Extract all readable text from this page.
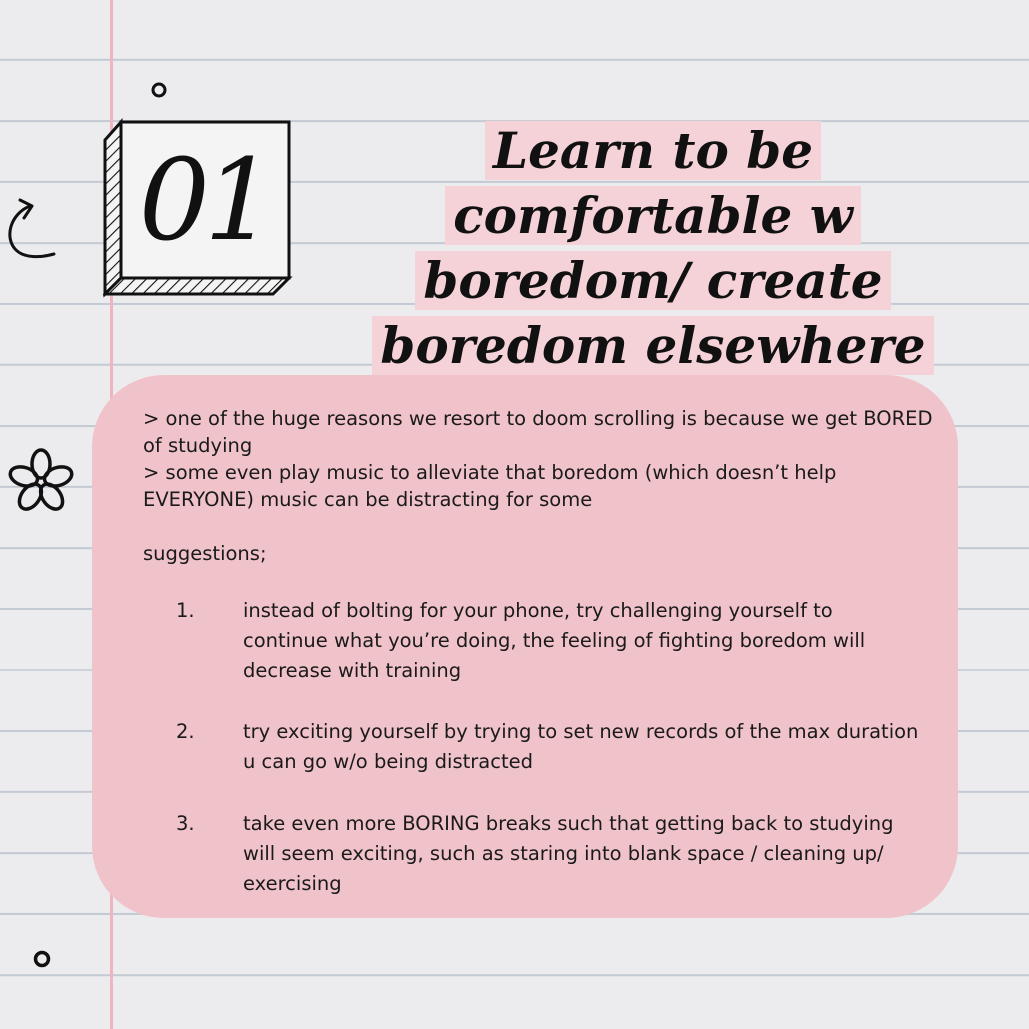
01	Learn to be comfortable w boredom/ create boredom elsewhere

> one of the huge reasons we resort to doom scrolling is because we get BORED of studying

> some even play music to alleviate that boredom (which doesn’t help EVERYONE) music can be distracting for some

suggestions;

1. instead of bolting for your phone, try challenging yourself to continue what you’re doing, the feeling of fighting boredom will decrease with training
2. try exciting yourself by trying to set new records of the max duration u can go w/o being distracted
3. take even more BORING breaks such that getting back to studying will seem exciting, such as staring into blank space / cleaning up/ exercising
